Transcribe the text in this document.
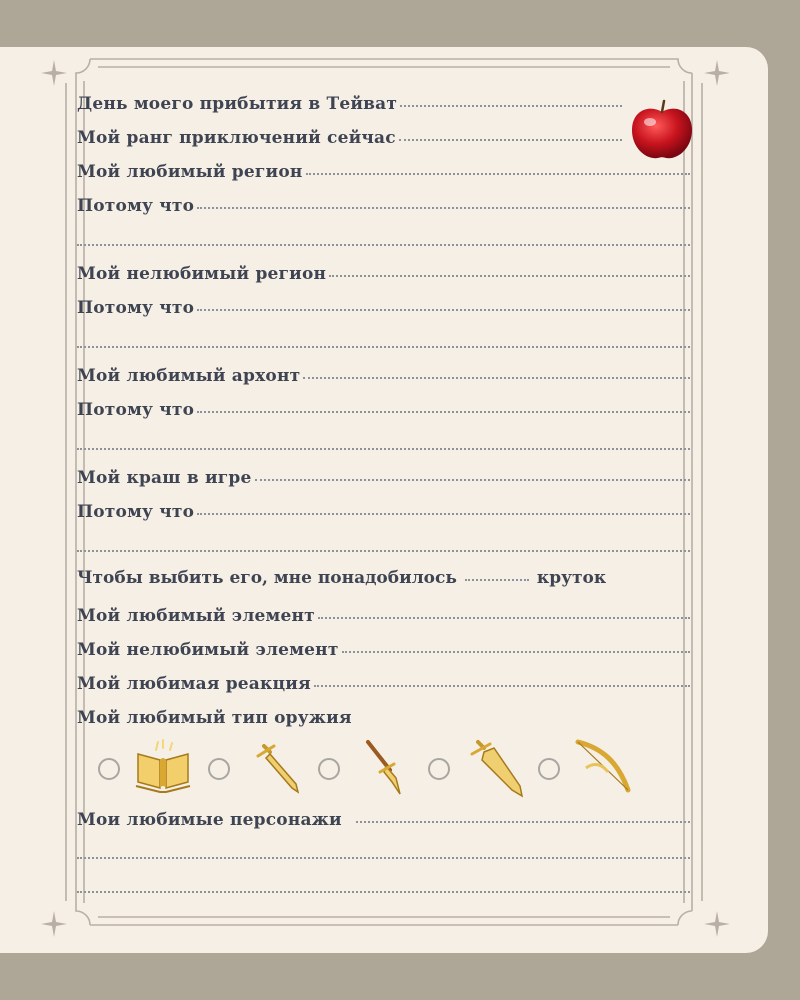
День моего прибытия в Тейват
Мой ранг приключений сейчас
Мой любимый регион
Потому что
Мой нелюбимый регион
Потому что
Мой любимый архонт
Потому что
Мой краш в игре
Потому что
Чтобы выбить его, мне понадобилось	круток
Мой любимый элемент
Мой нелюбимый элемент
Мой любимая реакция
Мой любимый тип оружия
Мои любимые персонажи
